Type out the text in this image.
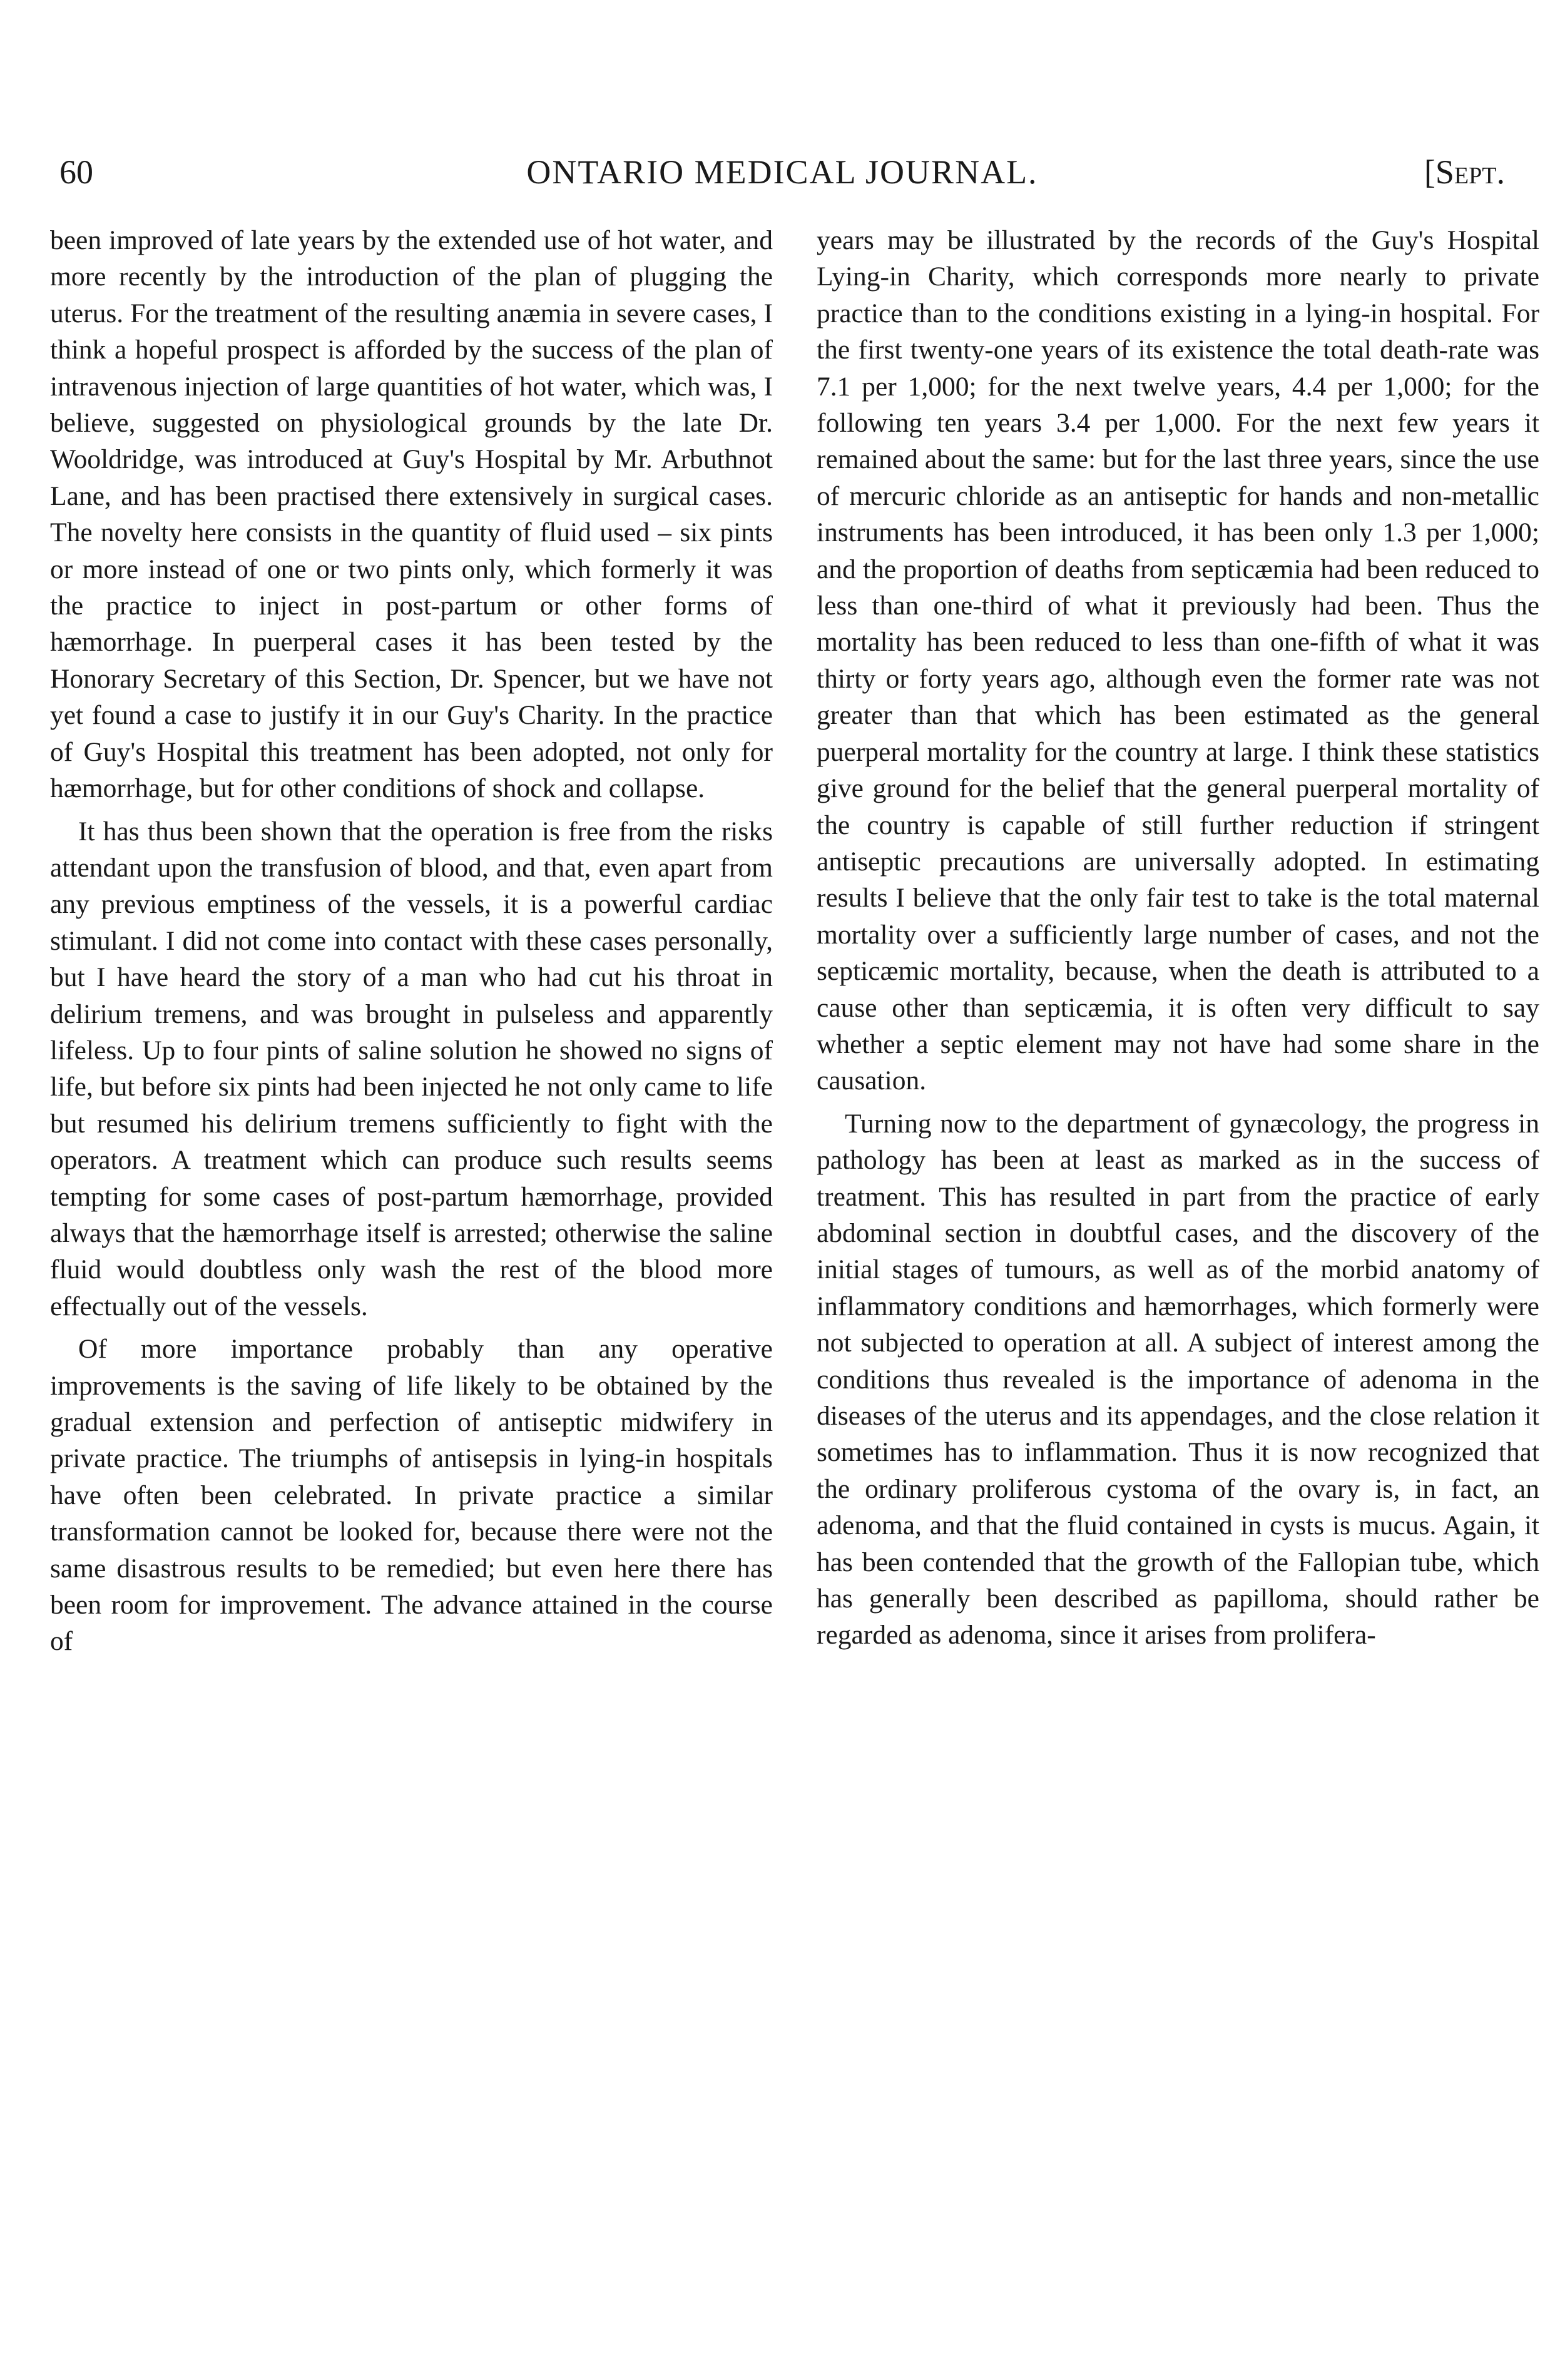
60	ONTARIO MEDICAL JOURNAL.	[Sept.

been improved of late years by the extended use of hot water, and more recently by the introduction of the plan of plugging the uterus. For the treatment of the resulting anæmia in severe cases, I think a hopeful prospect is afforded by the success of the plan of intravenous injection of large quantities of hot water, which was, I believe, suggested on physiological grounds by the late Dr. Wooldridge, was introduced at Guy's Hospital by Mr. Arbuthnot Lane, and has been practised there extensively in surgical cases. The novelty here consists in the quantity of fluid used – six pints or more instead of one or two pints only, which formerly it was the practice to inject in post-partum or other forms of hæmorrhage. In puerperal cases it has been tested by the Honorary Secretary of this Section, Dr. Spencer, but we have not yet found a case to justify it in our Guy's Charity. In the practice of Guy's Hospital this treatment has been adopted, not only for hæmorrhage, but for other conditions of shock and collapse.

It has thus been shown that the operation is free from the risks attendant upon the transfusion of blood, and that, even apart from any previous emptiness of the vessels, it is a powerful cardiac stimulant. I did not come into contact with these cases personally, but I have heard the story of a man who had cut his throat in delirium tremens, and was brought in pulseless and apparently lifeless. Up to four pints of saline solution he showed no signs of life, but before six pints had been injected he not only came to life but resumed his delirium tremens sufficiently to fight with the operators. A treatment which can produce such results seems tempting for some cases of post-partum hæmorrhage, provided always that the hæmorrhage itself is arrested; otherwise the saline fluid would doubtless only wash the rest of the blood more effectually out of the vessels.

Of more importance probably than any operative improvements is the saving of life likely to be obtained by the gradual extension and perfection of antiseptic midwifery in private practice. The triumphs of antisepsis in lying-in hospitals have often been celebrated. In private practice a similar transformation cannot be looked for, because there were not the same disastrous results to be remedied; but even here there has been room for improvement. The advance attained in the course of

years may be illustrated by the records of the Guy's Hospital Lying-in Charity, which corresponds more nearly to private practice than to the conditions existing in a lying-in hospital. For the first twenty-one years of its existence the total death-rate was 7.1 per 1,000; for the next twelve years, 4.4 per 1,000; for the following ten years 3.4 per 1,000. For the next few years it remained about the same: but for the last three years, since the use of mercuric chloride as an antiseptic for hands and non-metallic instruments has been introduced, it has been only 1.3 per 1,000; and the proportion of deaths from septicæmia had been reduced to less than one-third of what it previously had been. Thus the mortality has been reduced to less than one-fifth of what it was thirty or forty years ago, although even the former rate was not greater than that which has been estimated as the general puerperal mortality for the country at large. I think these statistics give ground for the belief that the general puerperal mortality of the country is capable of still further reduction if stringent antiseptic precautions are universally adopted. In estimating results I believe that the only fair test to take is the total maternal mortality over a sufficiently large number of cases, and not the septicæmic mortality, because, when the death is attributed to a cause other than septicæmia, it is often very difficult to say whether a septic element may not have had some share in the causation.

Turning now to the department of gynæcology, the progress in pathology has been at least as marked as in the success of treatment. This has resulted in part from the practice of early abdominal section in doubtful cases, and the discovery of the initial stages of tumours, as well as of the morbid anatomy of inflammatory conditions and hæmorrhages, which formerly were not subjected to operation at all. A subject of interest among the conditions thus revealed is the importance of adenoma in the diseases of the uterus and its appendages, and the close relation it sometimes has to inflammation. Thus it is now recognized that the ordinary proliferous cystoma of the ovary is, in fact, an adenoma, and that the fluid contained in cysts is mucus. Again, it has been contended that the growth of the Fallopian tube, which has generally been described as papilloma, should rather be regarded as adenoma, since it arises from prolifera-
